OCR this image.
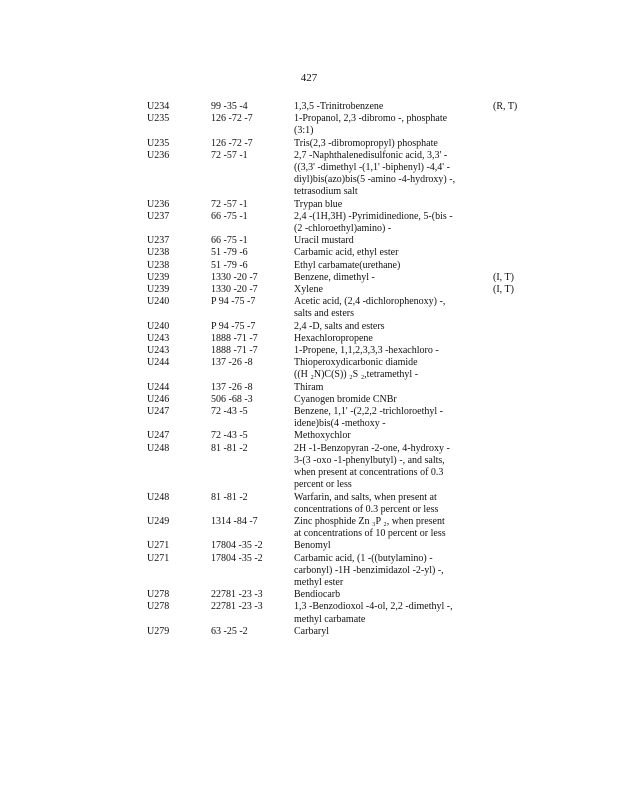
427
U234	99 -35 -4	1,3,5 -Trinitrobenzene	(R, T)
U235	126 -72 -7	1-Propanol, 2,3 -dibromo -, phosphate
(3:1)
U235	126 -72 -7	Tris(2,3 -dibromopropyl) phosphate
U236	72 -57 -1	2,7 -Naphthalenedisulfonic acid, 3,3' -
((3,3' -dimethyl -(1,1' -biphenyl) -4,4' -
diyl)bis(azo)bis(5 -amino -4-hydroxy) -,
tetrasodium salt
U236	72 -57 -1	Trypan blue
U237	66 -75 -1	2,4 -(1H,3H) -Pyrimidinedione, 5-(bis -
(2 -chloroethyl)amino) -
U237	66 -75 -1	Uracil mustard
U238	51 -79 -6	Carbamic acid, ethyl ester
U238	51 -79 -6	Ethyl carbamate(urethane)
U239	1330 -20 -7	Benzene, dimethyl -	(I, T)
U239	1330 -20 -7	Xylene	(I, T)
U240	P 94 -75 -7	Acetic acid, (2,4 -dichlorophenoxy) -,
salts and esters
U240	P 94 -75 -7	2,4 -D, salts and esters
U243	1888 -71 -7	Hexachloropropene
U243	1888 -71 -7	1-Propene, 1,1,2,3,3,3 -hexachloro -
U244	137 -26 -8	Thioperoxydicarbonic diamide
((H ₂N)C(S)) ₂S ₂,tetramethyl -
U244	137 -26 -8	Thiram
U246	506 -68 -3	Cyanogen bromide CNBr
U247	72 -43 -5	Benzene, 1,1' -(2,2,2 -trichloroethyl -
idene)bis(4 -methoxy -
U247	72 -43 -5	Methoxychlor
U248	81 -81 -2	2H -1-Benzopyran -2-one, 4-hydroxy -
3-(3 -oxo -1-phenylbutyl) -, and salts,
when present at concentrations of 0.3
percent or less
U248	81 -81 -2	Warfarin, and salts, when present at
concentrations of 0.3 percent or less
U249	1314 -84 -7	Zinc phosphide Zn ₃P ₂, when present
at concentrations of 10 percent or less
U271	17804 -35 -2	Benomyl
U271	17804 -35 -2	Carbamic acid, (1 -((butylamino) -
carbonyl) -1H -benzimidazol -2-yl) -,
methyl ester
U278	22781 -23 -3	Bendiocarb
U278	22781 -23 -3	1,3 -Benzodioxol -4-ol, 2,2 -dimethyl -,
methyl carbamate
U279	63 -25 -2	Carbaryl
